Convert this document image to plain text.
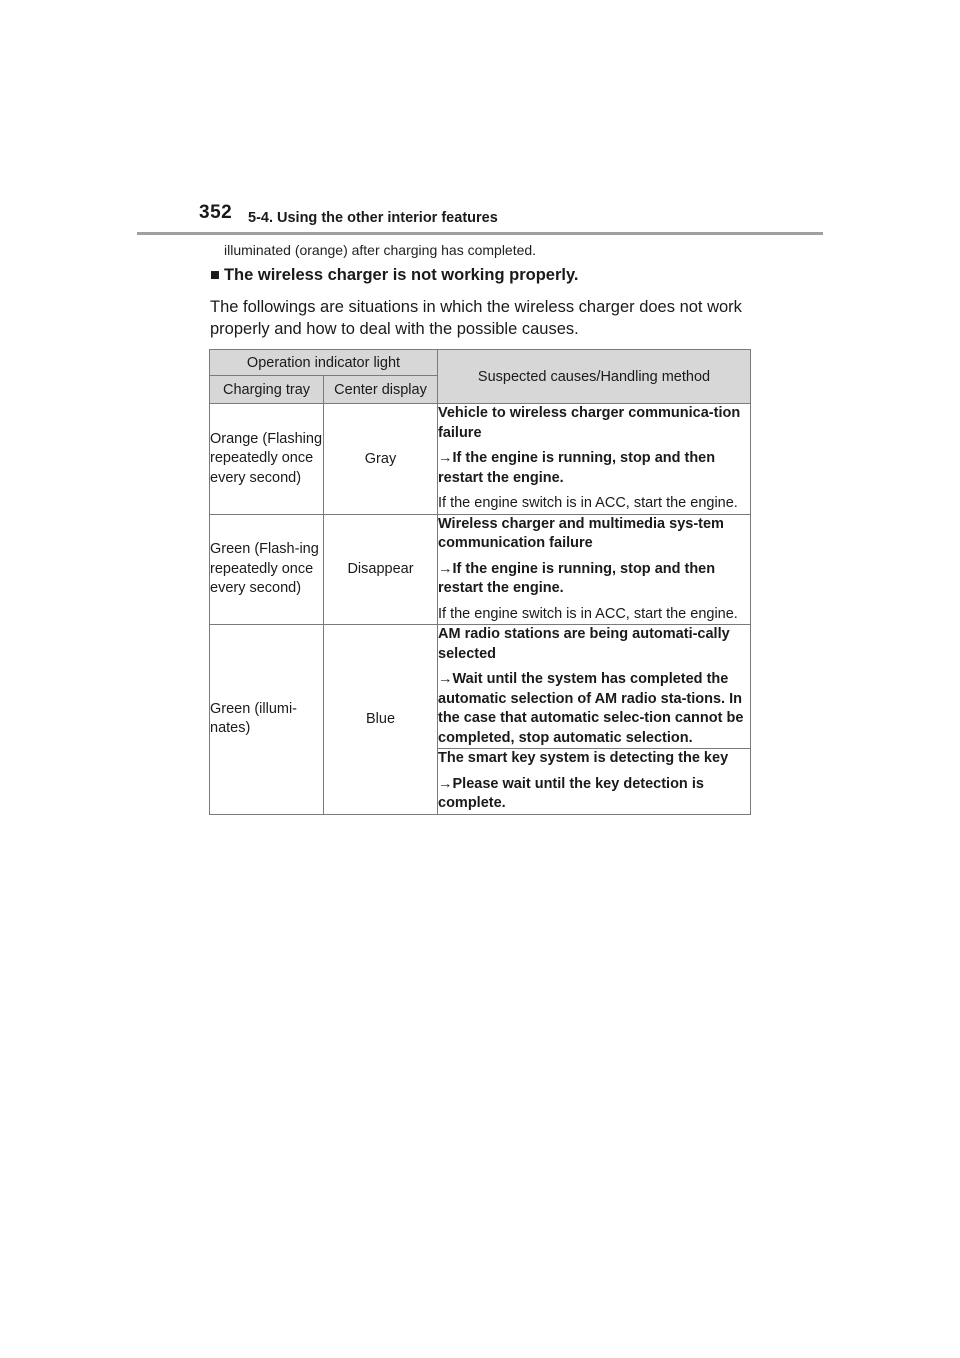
352 5-4. Using the other interior features
illuminated (orange) after charging has completed.
■ The wireless charger is not working properly.
The followings are situations in which the wireless charger does not work properly and how to deal with the possible causes.
Operation indicator light		Suspected causes/Handling method
Charging tray	Center display	
Orange (Flashing repeatedly once every second)	Gray	Vehicle to wireless charger communica-tion failure
→If the engine is running, stop and then restart the engine.
If the engine switch is in ACC, start the engine.

Green (Flash-ing repeatedly once every second)	Disappear	Wireless charger and multimedia sys-tem communication failure
→If the engine is running, stop and then restart the engine.
If the engine switch is in ACC, start the engine.

Green (illumi-nates)	Blue	AM radio stations are being automati-cally selected
→Wait until the system has completed the automatic selection of AM radio sta-tions. In the case that automatic selec-tion cannot be completed, stop automatic selection.

		The smart key system is detecting the key
→Please wait until the key detection is complete.
